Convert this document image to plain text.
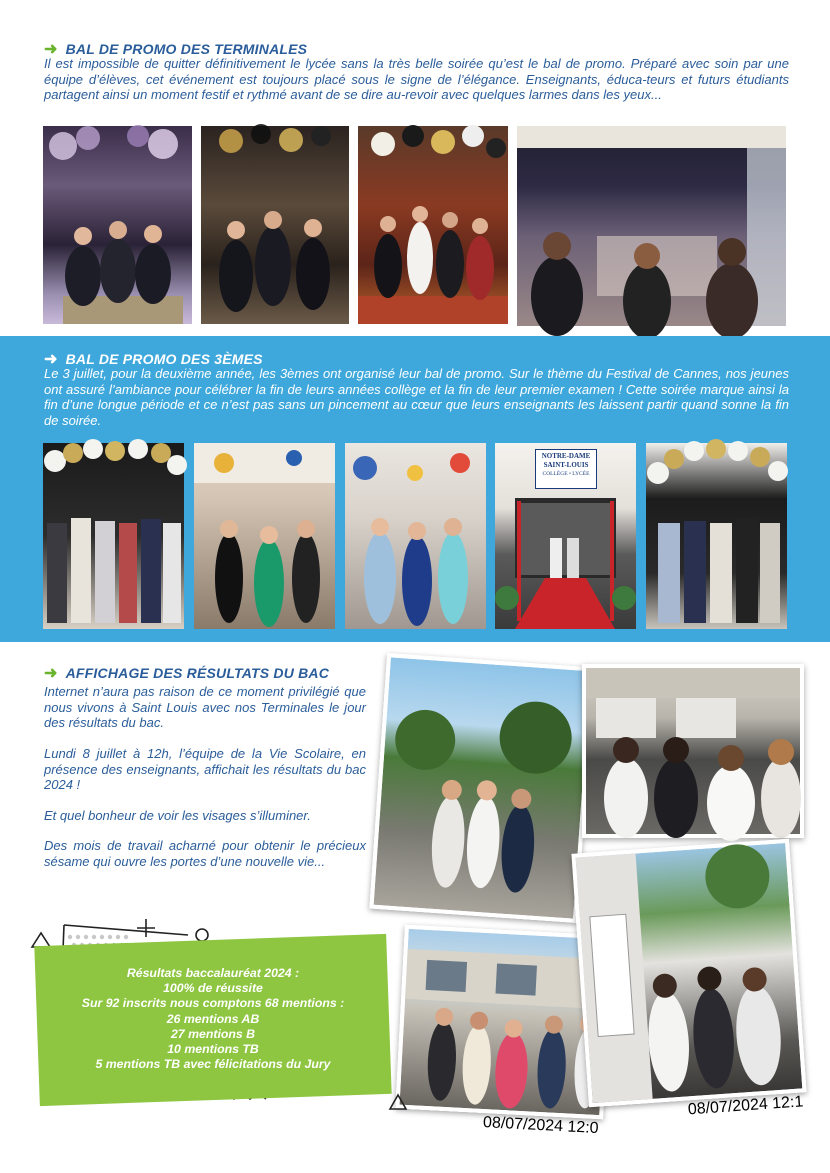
➜ BAL DE PROMO DES TERMINALES
Il est impossible de quitter définitivement le lycée sans la très belle soirée qu’est le bal de promo. Préparé avec soin par une équipe d’élèves, cet événement est toujours placé sous le signe de l’élégance. Enseignants, éduca-teurs et futurs étudiants partagent ainsi un moment festif et rythmé avant de se dire au-revoir avec quelques larmes dans les yeux...
➜ BAL DE PROMO DES 3ÈMES
Le 3 juillet, pour la deuxième année, les 3èmes ont organisé leur bal de promo. Sur le thème du Festival de Cannes, nos jeunes ont assuré l’ambiance pour célébrer la fin de leurs années collège et la fin de leur premier examen ! Cette soirée marque ainsi la fin d’une longue période et ce n’est pas sans un pincement au cœur que leurs enseignants les laissent partir quand sonne la fin de soirée.
NOTRE-DAME
SAINT-LOUIS
COLLÈGE • LYCÉE
➜ AFFICHAGE DES RÉSULTATS DU BAC
Internet n’aura pas raison de ce moment privilégié que nous vivons à Saint Louis avec nos Terminales le jour des résultats du bac.
Lundi 8 juillet à 12h, l’équipe de la Vie Scolaire, en présence des enseignants, affichait les résultats du bac 2024 !
Et quel bonheur de voir les visages s’illuminer.
Des mois de travail acharné pour obtenir le précieux sésame qui ouvre les portes d’une nouvelle vie...
08/07/2024 12:0
08/07/2024 12:1
Résultats baccalauréat 2024 :
100% de réussite
Sur 92 inscrits nous comptons 68 mentions :
26 mentions AB
27 mentions B
10 mentions TB
5 mentions TB avec félicitations du Jury
